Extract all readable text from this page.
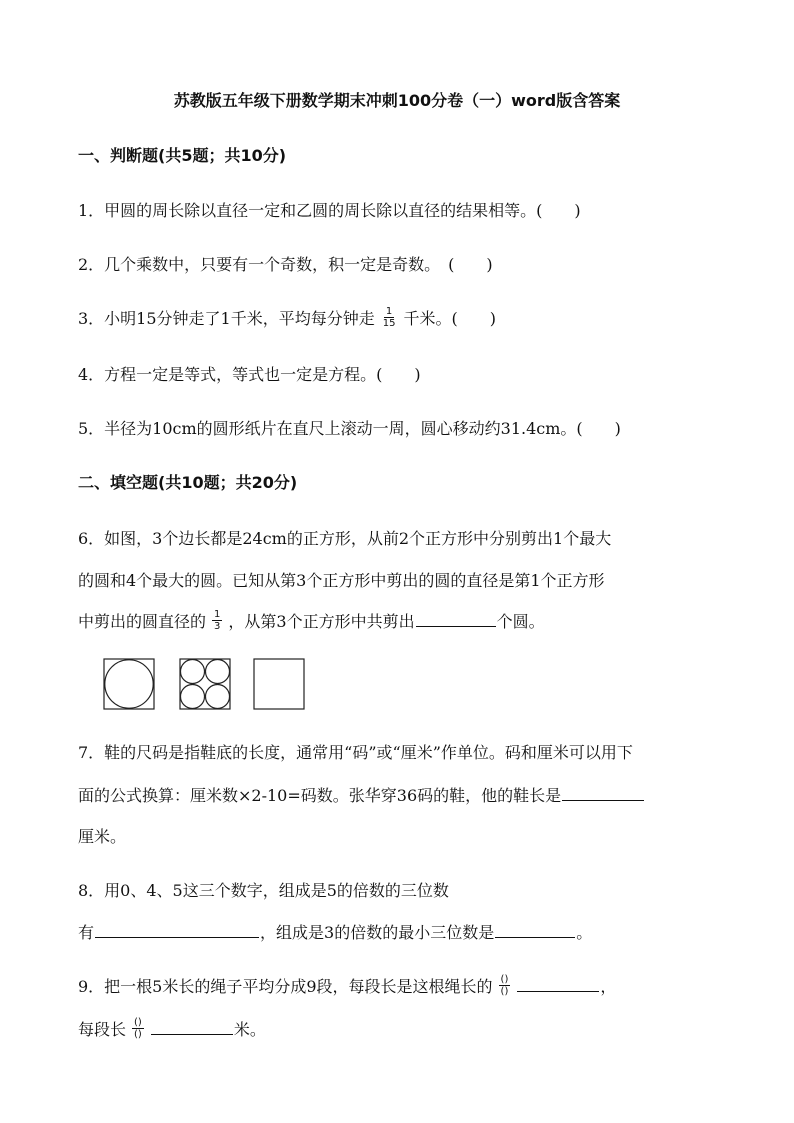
苏教版五年级下册数学期末冲刺100分卷（一）word版含答案
一、判断题(共5题；共10分)
1．甲圆的周长除以直径一定和乙圆的周长除以直径的结果相等。(　　)
2．几个乘数中，只要有一个奇数，积一定是奇数。　(　　)
3．小明15分钟走了1千米，平均每分钟走 $\frac{1}{15}$ 千米。(　　)
4．方程一定是等式，等式也一定是方程。(　　)
5．半径为10cm的圆形纸片在直尺上滚动一周，圆心移动约31.4cm。(　　)
二、填空题(共10题；共20分)
6．如图，3个边长都是24cm的正方形，从前2个正方形中分别剪出1个最大
的圆和4个最大的圆。已知从第3个正方形中剪出的圆的直径是第1个正方形
中剪出的圆直径的 $\frac{1}{3}$ ，从第3个正方形中共剪出	个圆。
7．鞋的尺码是指鞋底的长度，通常用“码”或“厘米”作单位。码和厘米可以用下
面的公式换算：厘米数×2-10=码数。张华穿36码的鞋，他的鞋长是
厘米。
8．用0、4、5这三个数字，组成是5的倍数的三位数
有	，组成是3的倍数的最小三位数是	。
9．把一根5米长的绳子平均分成9段，每段长是这根绳长的 $\frac{()}{()}$	，
每段长 $\frac{()}{()}$	米。
